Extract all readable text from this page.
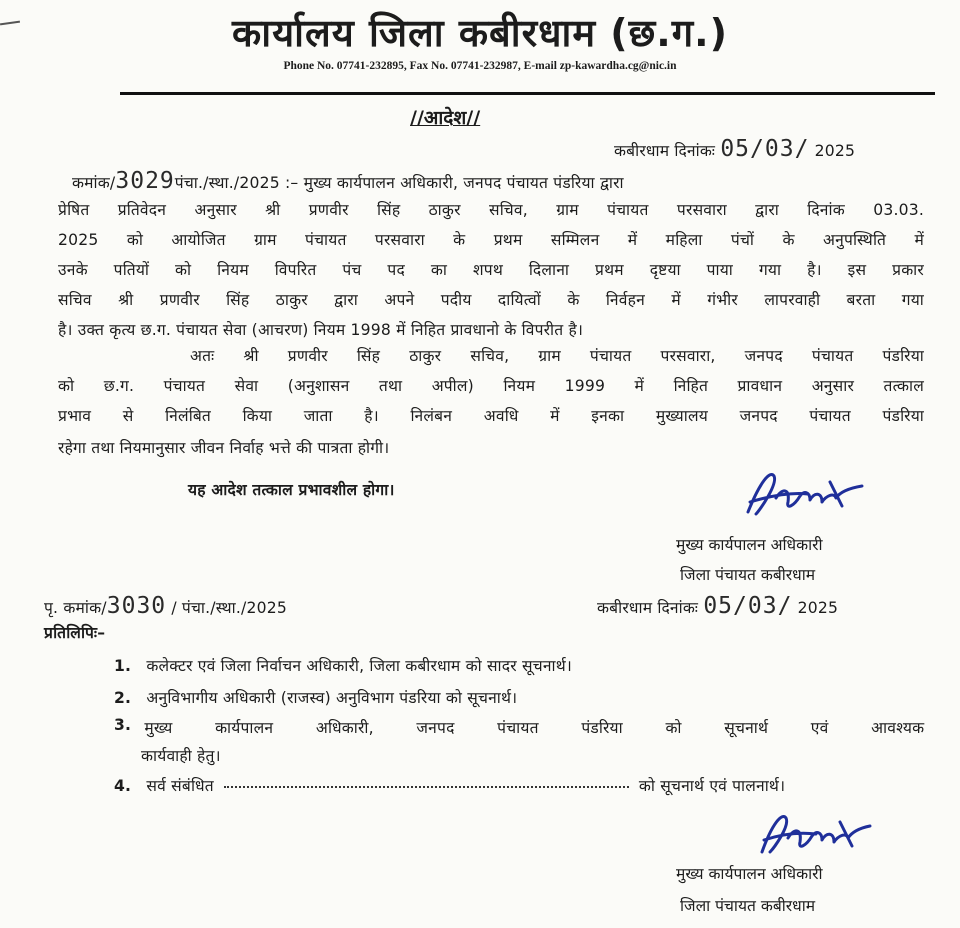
कार्यालय जिला कबीरधाम (छ.ग.)
Phone No. 07741-232895, Fax No. 07741-232987, E-mail zp-kawardha.cg@nic.in
//आदेश//
कबीरधाम दिनांकः 05/03/ 2025
कमांक/3029पंचा./स्था./2025 :– मुख्य कार्यपालन अधिकारी, जनपद पंचायत पंडरिया द्वारा
प्रेषित प्रतिवेदन अनुसार श्री प्रणवीर सिंह ठाकुर सचिव, ग्राम पंचायत परसवारा द्वारा दिनांक 03.03.
2025 को आयोजित ग्राम पंचायत परसवारा के प्रथम सम्मिलन में महिला पंचों के अनुपस्थिति में
उनके पतियों को नियम विपरित पंच पद का शपथ दिलाना प्रथम दृष्टया पाया गया है। इस प्रकार
सचिव श्री प्रणवीर सिंह ठाकुर द्वारा अपने पदीय दायित्वों के निर्वहन में गंभीर लापरवाही बरता गया
है। उक्त कृत्य छ.ग. पंचायत सेवा (आचरण) नियम 1998 में निहित प्रावधानो के विपरीत है।
अतः श्री प्रणवीर सिंह ठाकुर सचिव, ग्राम पंचायत परसवारा, जनपद पंचायत पंडरिया
को छ.ग. पंचायत सेवा (अनुशासन तथा अपील) नियम 1999 में निहित प्रावधान अनुसार तत्काल
प्रभाव से निलंबित किया जाता है। निलंबन अवधि में इनका मुख्यालय जनपद पंचायत पंडरिया
रहेगा तथा नियमानुसार जीवन निर्वाह भत्ते की पात्रता होगी।
यह आदेश तत्काल प्रभावशील होगा।
मुख्य कार्यपालन अधिकारी
जिला पंचायत कबीरधाम
पृ. कमांक/3030 / पंचा./स्था./2025	कबीरधाम दिनांकः 05/03/ 2025
प्रतिलिपिः–
1. कलेक्टर एवं जिला निर्वाचन अधिकारी, जिला कबीरधाम को सादर सूचनार्थ।
2. अनुविभागीय अधिकारी (राजस्व) अनुविभाग पंडरिया को सूचनार्थ।
3. मुख्य कार्यपालन अधिकारी, जनपद पंचायत पंडरिया को सूचनार्थ एवं आवश्यक
कार्यवाही हेतु।
4. सर्व संबंधित	को सूचनार्थ एवं पालनार्थ।
मुख्य कार्यपालन अधिकारी
जिला पंचायत कबीरधाम
